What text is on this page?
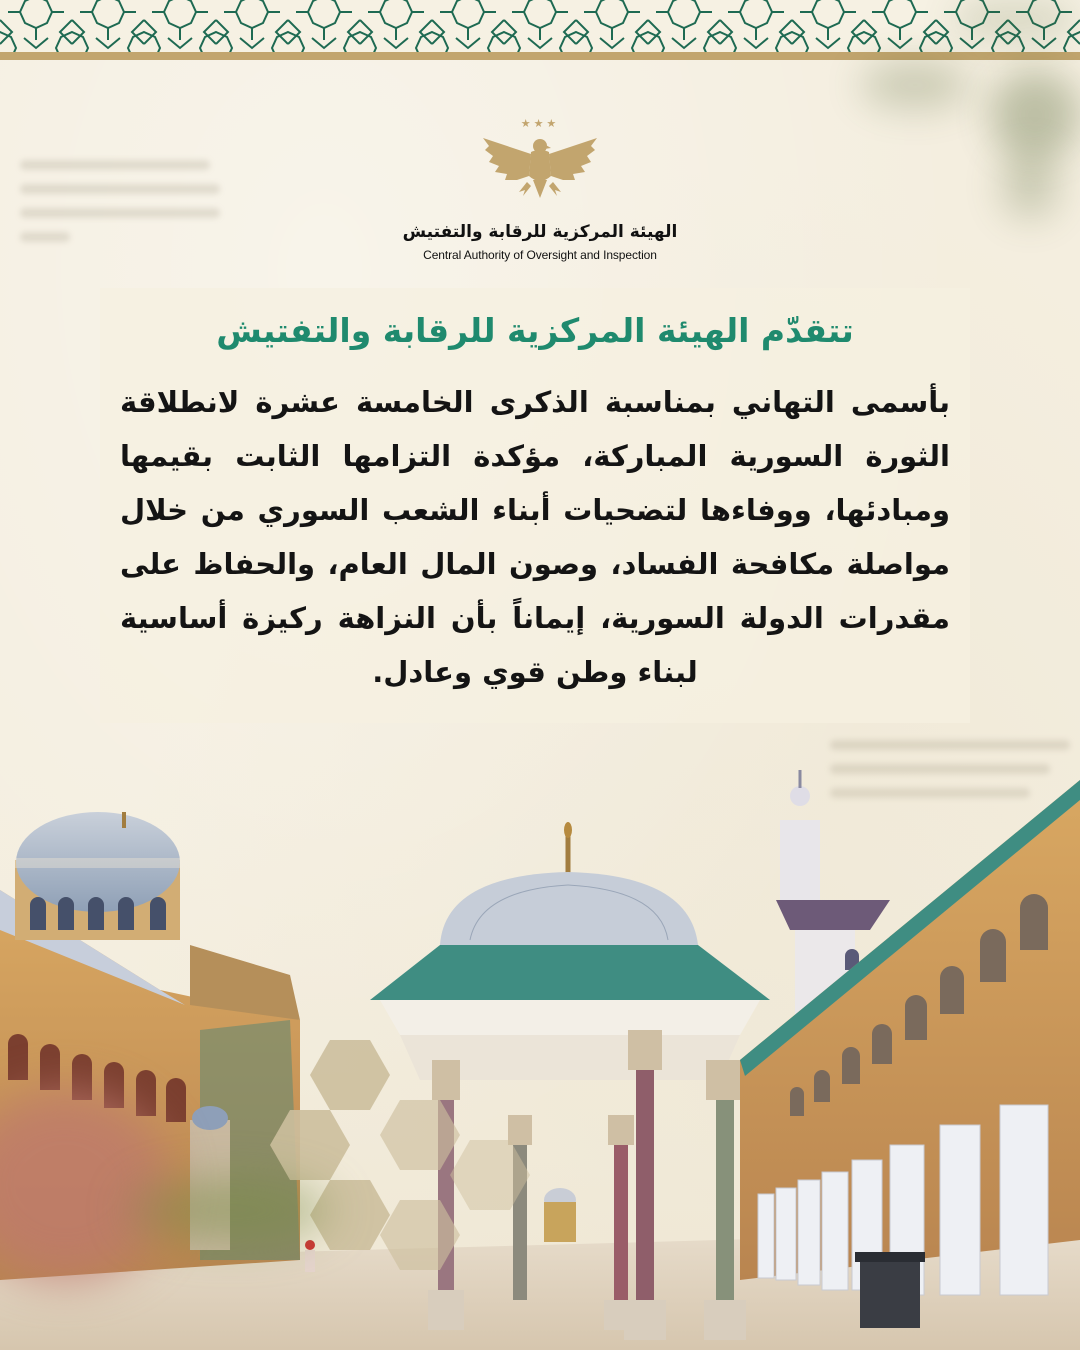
★★★
الهيئة المركزية للرقابة والتفتيش
Central Authority of Oversight and Inspection
تتقدّم الهيئة المركزية للرقابة والتفتيش
بأسمى التهاني بمناسبة الذكرى الخامسة عشرة لانطلاقة الثورة السورية المباركة، مؤكدة التزامها الثابت بقيمها ومبادئها، ووفاءها لتضحيات أبناء الشعب السوري من خلال مواصلة مكافحة الفساد، وصون المال العام، والحفاظ على مقدرات الدولة السورية، إيماناً بأن النزاهة ركيزة أساسية لبناء وطن قوي وعادل.
